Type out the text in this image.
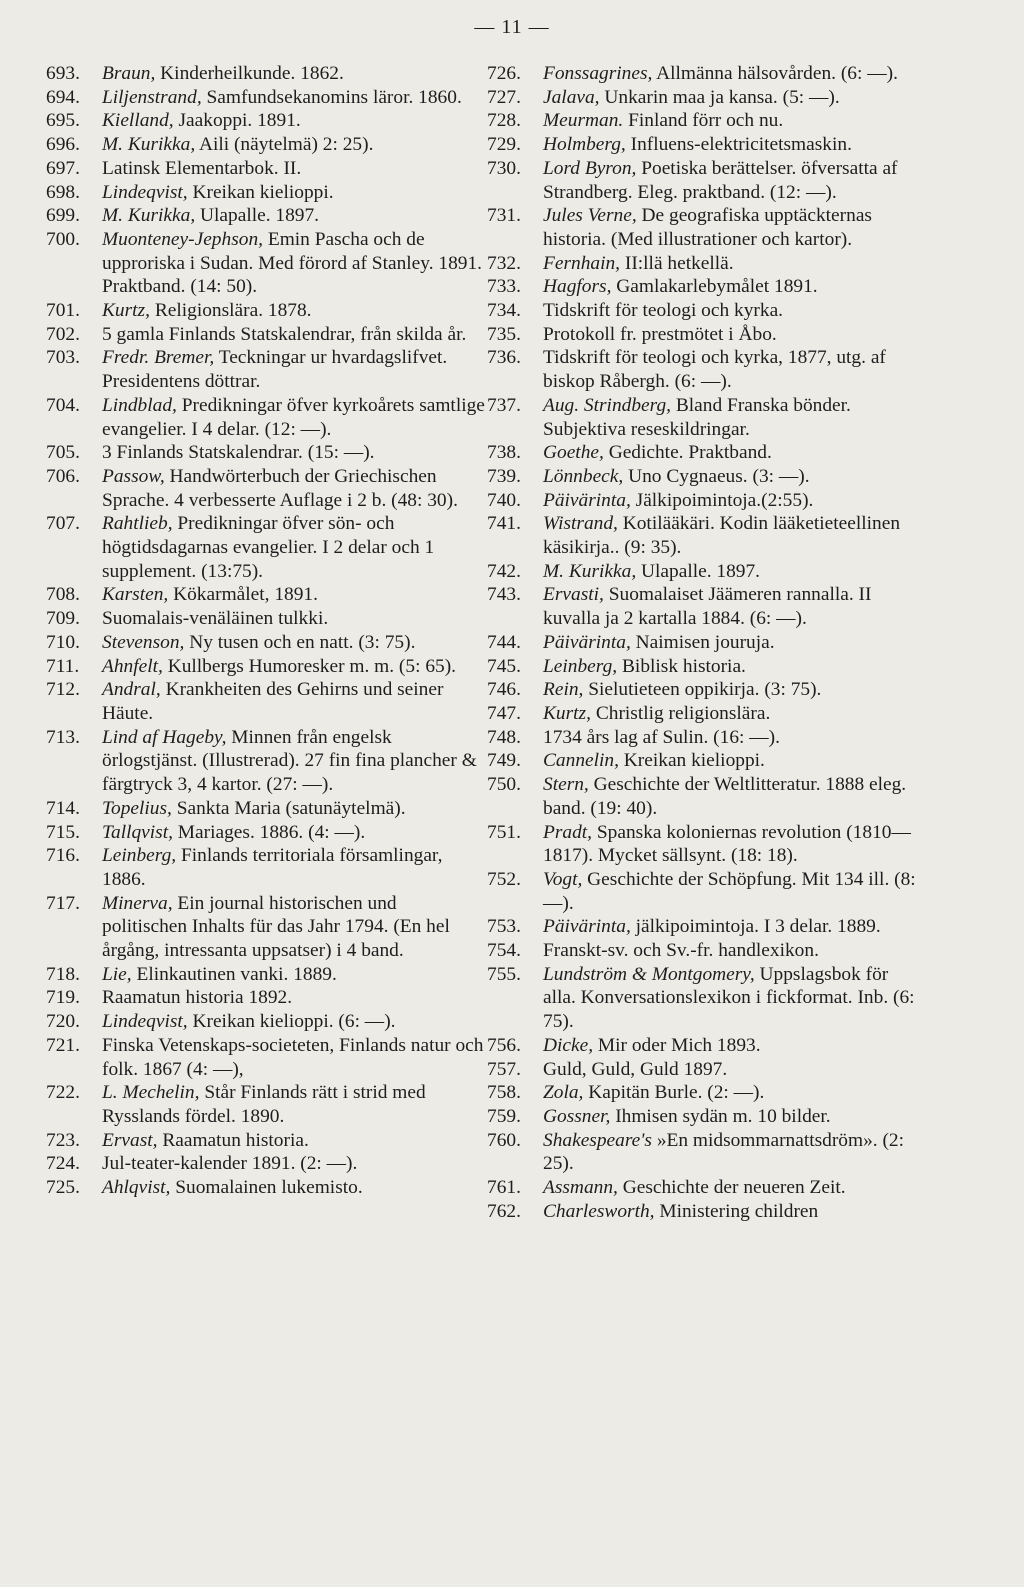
— 11 —
693.	Braun, Kinderheilkunde. 1862.
694.	Liljenstrand, Samfundsekanomins läror. 1860.
695.	Kielland, Jaakoppi. 1891.
696.	M. Kurikka, Aili (näytelmä) 2: 25).
697.	Latinsk Elementarbok. II.
698.	Lindeqvist, Kreikan kielioppi.
699.	M. Kurikka, Ulapalle. 1897.
700.	Muonteney-Jephson, Emin Pascha och de upproriska i Sudan. Med förord af Stanley. 1891. Praktband. (14: 50).
701.	Kurtz, Religionslära. 1878.
702.	5 gamla Finlands Statskalendrar, från skilda år.
703.	Fredr. Bremer, Teckningar ur hvardagslifvet. Presidentens döttrar.
704.	Lindblad, Predikningar öfver kyrkoårets samtlige evangelier. I 4 delar. (12: —).
705.	3 Finlands Statskalendrar. (15: —).
706.	Passow, Handwörterbuch der Griechischen Sprache. 4 verbesserte Auflage i 2 b. (48: 30).
707.	Rahtlieb, Predikningar öfver sön- och högtidsdagarnas evangelier. I 2 delar och 1 supplement. (13:75).
708.	Karsten, Kökarmålet, 1891.
709.	Suomalais-venäläinen tulkki.
710.	Stevenson, Ny tusen och en natt. (3: 75).
711.	Ahnfelt, Kullbergs Humoresker m. m. (5: 65).
712.	Andral, Krankheiten des Gehirns und seiner Häute.
713.	Lind af Hageby, Minnen från engelsk örlogstjänst. (Illustrerad). 27 fin fina plancher & färgtryck 3, 4 kartor. (27: —).
714.	Topelius, Sankta Maria (satunäytelmä).
715.	Tallqvist, Mariages. 1886. (4: —).
716.	Leinberg, Finlands territoriala församlingar, 1886.
717.	Minerva, Ein journal historischen und politischen Inhalts für das Jahr 1794. (En hel årgång, intressanta uppsatser) i 4 band.
718.	Lie, Elinkautinen vanki. 1889.
719.	Raamatun historia 1892.
720.	Lindeqvist, Kreikan kielioppi. (6: —).
721.	Finska Vetenskaps-societeten, Finlands natur och folk. 1867 (4: —),
722.	L. Mechelin, Står Finlands rätt i strid med Rysslands fördel. 1890.
723.	Ervast, Raamatun historia.
724.	Jul-teater-kalender 1891. (2: —).
725.	Ahlqvist, Suomalainen lukemisto.
726.	Fonssagrines, Allmänna hälsovården. (6: —).
727.	Jalava, Unkarin maa ja kansa. (5: —).
728.	Meurman. Finland förr och nu.
729.	Holmberg, Influens-elektricitetsmaskin.
730.	Lord Byron, Poetiska berättelser. öfversatta af Strandberg. Eleg. praktband. (12: —).
731.	Jules Verne, De geografiska upptäckternas historia. (Med illustrationer och kartor).
732.	Fernhain, II:llä hetkellä.
733.	Hagfors, Gamlakarlebymålet 1891.
734.	Tidskrift för teologi och kyrka.
735.	Protokoll fr. prestmötet i Åbo.
736.	Tidskrift för teologi och kyrka, 1877, utg. af biskop Råbergh. (6: —).
737.	Aug. Strindberg, Bland Franska bönder. Subjektiva reseskildringar.
738.	Goethe, Gedichte. Praktband.
739.	Lönnbeck, Uno Cygnaeus. (3: —).
740.	Päivärinta, Jälkipoimintoja.(2:55).
741.	Wistrand, Kotilääkäri. Kodin lääketieteellinen käsikirja.. (9: 35).
742.	M. Kurikka, Ulapalle. 1897.
743.	Ervasti, Suomalaiset Jäämeren rannalla. II kuvalla ja 2 kartalla 1884. (6: —).
744.	Päivärinta, Naimisen jouruja.
745.	Leinberg, Biblisk historia.
746.	Rein, Sielutieteen oppikirja. (3: 75).
747.	Kurtz, Christlig religionslära.
748.	1734 års lag af Sulin. (16: —).
749.	Cannelin, Kreikan kielioppi.
750.	Stern, Geschichte der Weltlitteratur. 1888 eleg. band. (19: 40).
751.	Pradt, Spanska koloniernas revolution (1810—1817). Mycket sällsynt. (18: 18).
752.	Vogt, Geschichte der Schöpfung. Mit 134 ill. (8: —).
753.	Päivärinta, jälkipoimintoja. I 3 delar. 1889.
754.	Franskt-sv. och Sv.-fr. handlexikon.
755.	Lundström & Montgomery, Uppslagsbok för alla. Konversationslexikon i fickformat. Inb. (6: 75).
756.	Dicke, Mir oder Mich 1893.
757.	Guld, Guld, Guld 1897.
758.	Zola, Kapitän Burle. (2: —).
759.	Gossner, Ihmisen sydän m. 10 bilder.
760.	Shakespeare's »En midsommarnattsdröm». (2: 25).
761.	Assmann, Geschichte der neueren Zeit.
762.	Charlesworth, Ministering children
